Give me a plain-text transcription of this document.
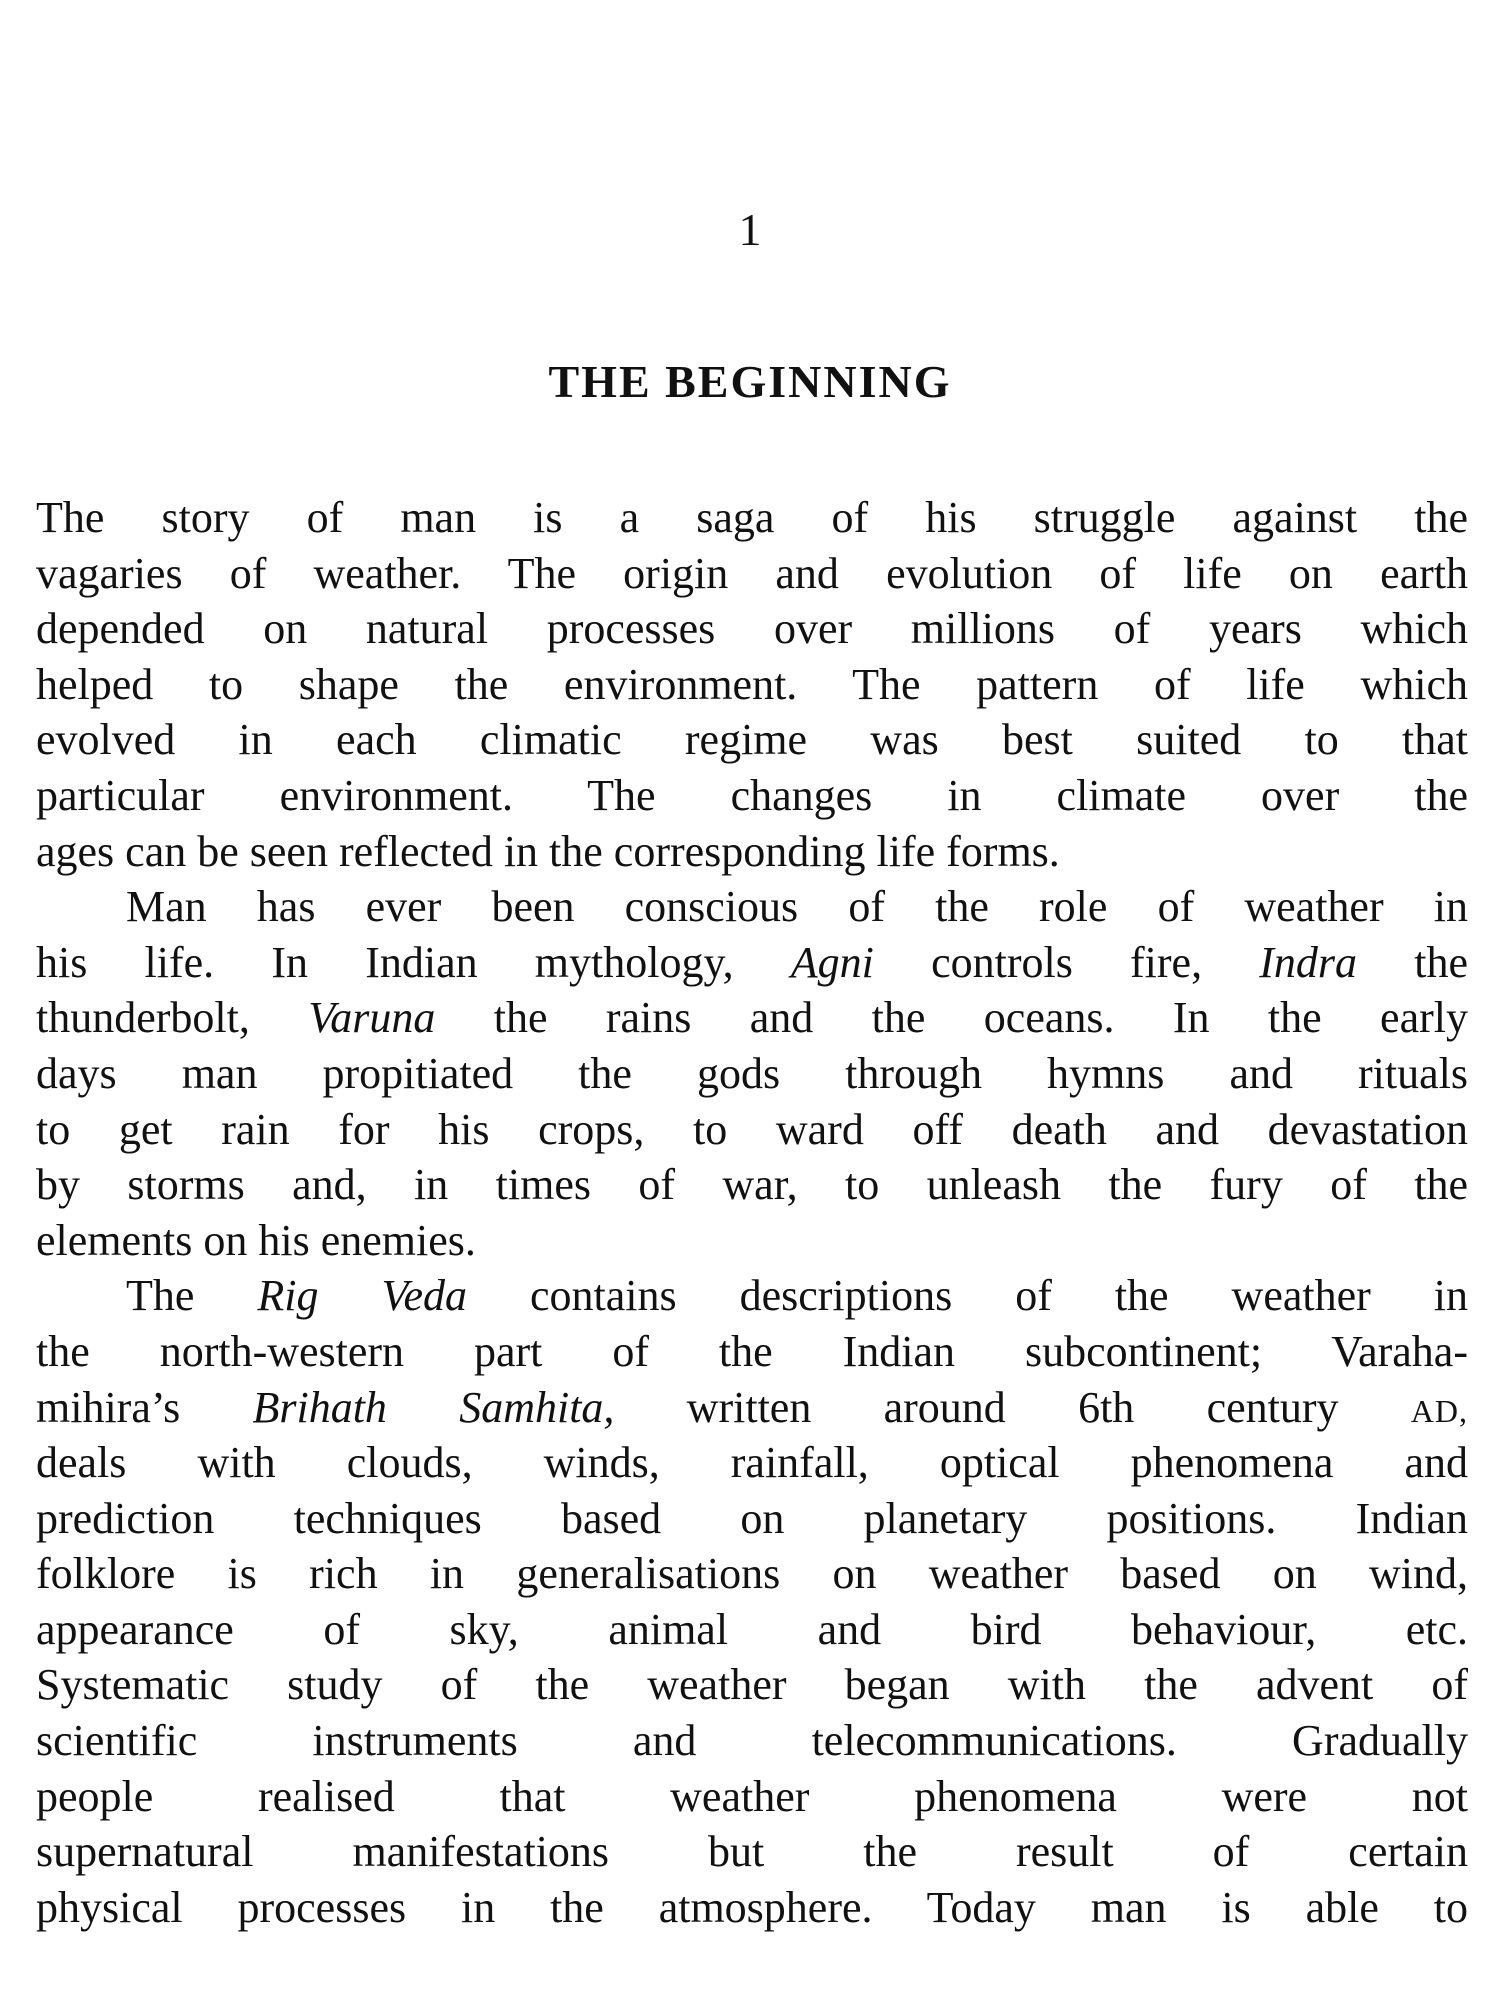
1
THE BEGINNING
The story of man is a saga of his struggle against the
vagaries of weather. The origin and evolution of life on earth
depended on natural processes over millions of years which
helped to shape the environment. The pattern of life which
evolved in each climatic regime was best suited to that
particular environment. The changes in climate over the
ages can be seen reflected in the corresponding life forms.
Man has ever been conscious of the role of weather in
his life. In Indian mythology, Agni controls fire, Indra the
thunderbolt, Varuna the rains and the oceans. In the early
days man propitiated the gods through hymns and rituals
to get rain for his crops, to ward off death and devastation
by storms and, in times of war, to unleash the fury of the
elements on his enemies.
The Rig Veda contains descriptions of the weather in
the north-western part of the Indian subcontinent; Varaha-
mihira’s Brihath Samhita, written around 6th century AD,
deals with clouds, winds, rainfall, optical phenomena and
prediction techniques based on planetary positions. Indian
folklore is rich in generalisations on weather based on wind,
appearance of sky, animal and bird behaviour, etc.
Systematic study of the weather began with the advent of
scientific instruments and telecommunications. Gradually
people realised that weather phenomena were not
supernatural manifestations but the result of certain
physical processes in the atmosphere. Today man is able to
